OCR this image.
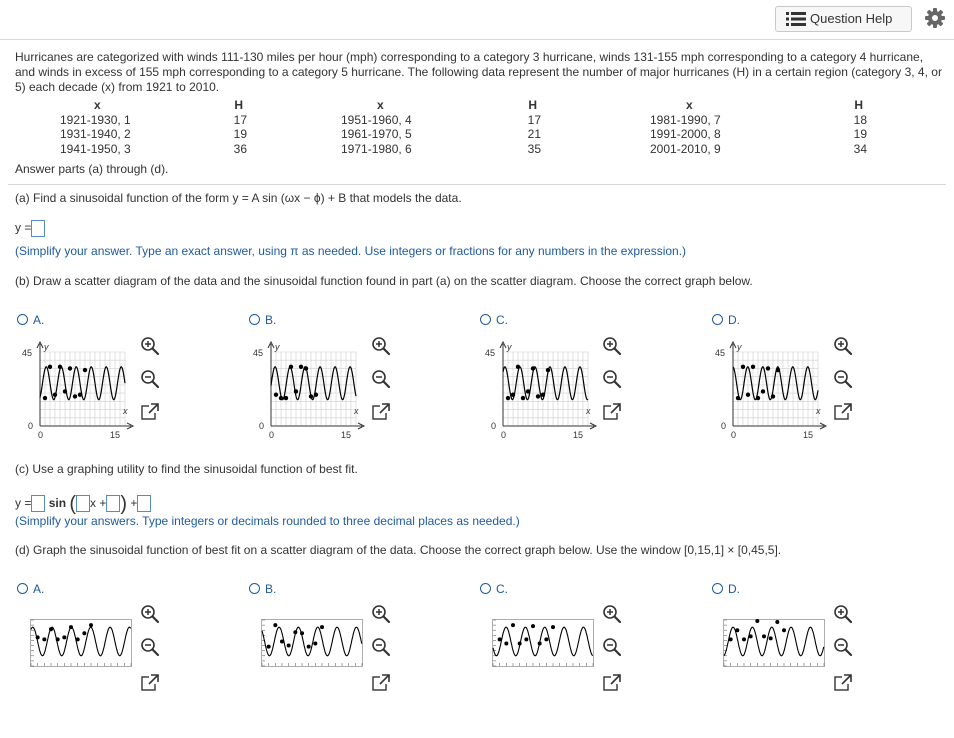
Question Help
Hurricanes are categorized with winds 111-130 miles per hour (mph) corresponding to a category 3 hurricane, winds 131-155 mph corresponding to a category 4 hurricane, and winds in excess of 155 mph corresponding to a category 5 hurricane. The following data represent the number of major hurricanes (H) in a certain region (category 3, 4, or 5) each decade (x) from 1921 to 2010.
x	H
1921-1930, 1	17
1931-1940, 2	19
1941-1950, 3	36
x	H
1951-1960, 4	17
1961-1970, 5	21
1971-1980, 6	35
x	H
1981-1990, 7	18
1991-2000, 8	19
2001-2010, 9	34
Answer parts (a) through (d).
(a) Find a sinusoidal function of the form y = A sin (ωx − ϕ) + B that models the data.
y =
(Simplify your answer. Type an exact answer, using π as needed. Use integers or fractions for any numbers in the expression.)
(b) Draw a scatter diagram of the data and the sinusoidal function found in part (a) on the scatter diagram. Choose the correct graph below.
A.	B.	C.	D.
45
0
0	15
y
x
45
0
0	15
y
x
45
0
0	15
y
x
45
0
0	15
y
x
(c) Use a graphing utility to find the sinusoidal function of best fit.
y = sin ( x + ) +
(Simplify your answers. Type integers or decimals rounded to three decimal places as needed.)
(d) Graph the sinusoidal function of best fit on a scatter diagram of the data. Choose the correct graph below. Use the window [0,15,1] × [0,45,5].
A.	B.	C.	D.
